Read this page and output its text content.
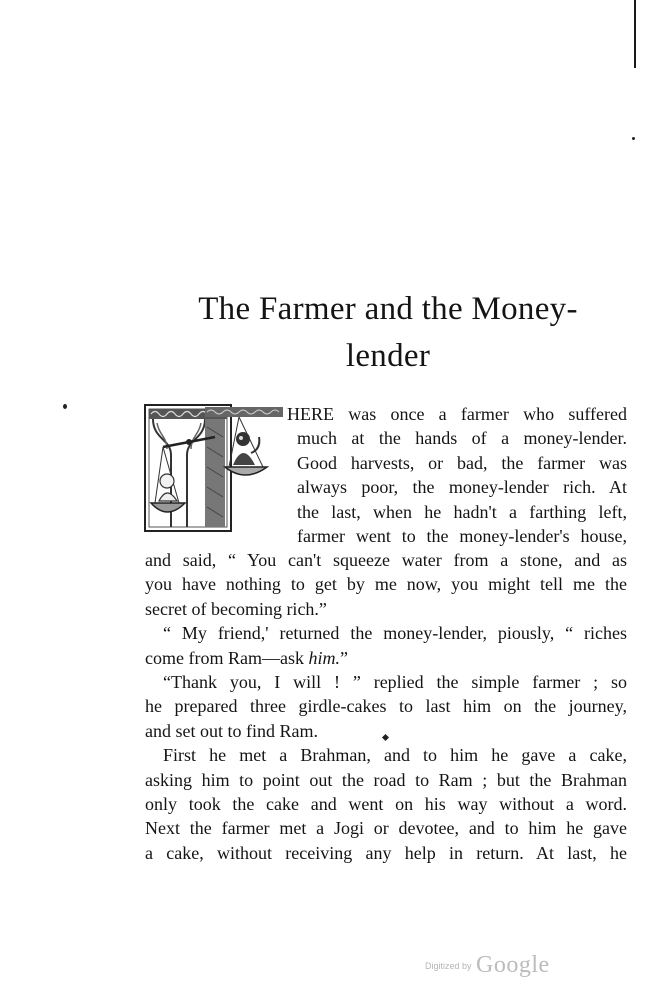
The Farmer and the Money-
lender
HERE was once a farmer who suffered
much at the hands of a money-lender.
Good harvests, or bad, the farmer was
always poor, the money-lender rich. At
the last, when he hadn't a farthing left,
farmer went to the money-lender's house,
and said, “ You can't squeeze water from a stone, and as
you have nothing to get by me now, you might tell me the
secret of becoming rich.”
“ My friend,' returned the money-lender, piously, “ riches
come from Ram—ask him.”
“Thank you, I will ! ” replied the simple farmer ; so
he prepared three girdle-cakes to last him on the journey,
and set out to find Ram.
First he met a Brahman, and to him he gave a cake,
asking him to point out the road to Ram ; but the Brahman
only took the cake and went on his way without a word.
Next the farmer met a Jogi or devotee, and to him he gave
a cake, without receiving any help in return. At last, he
Digitized by Google
